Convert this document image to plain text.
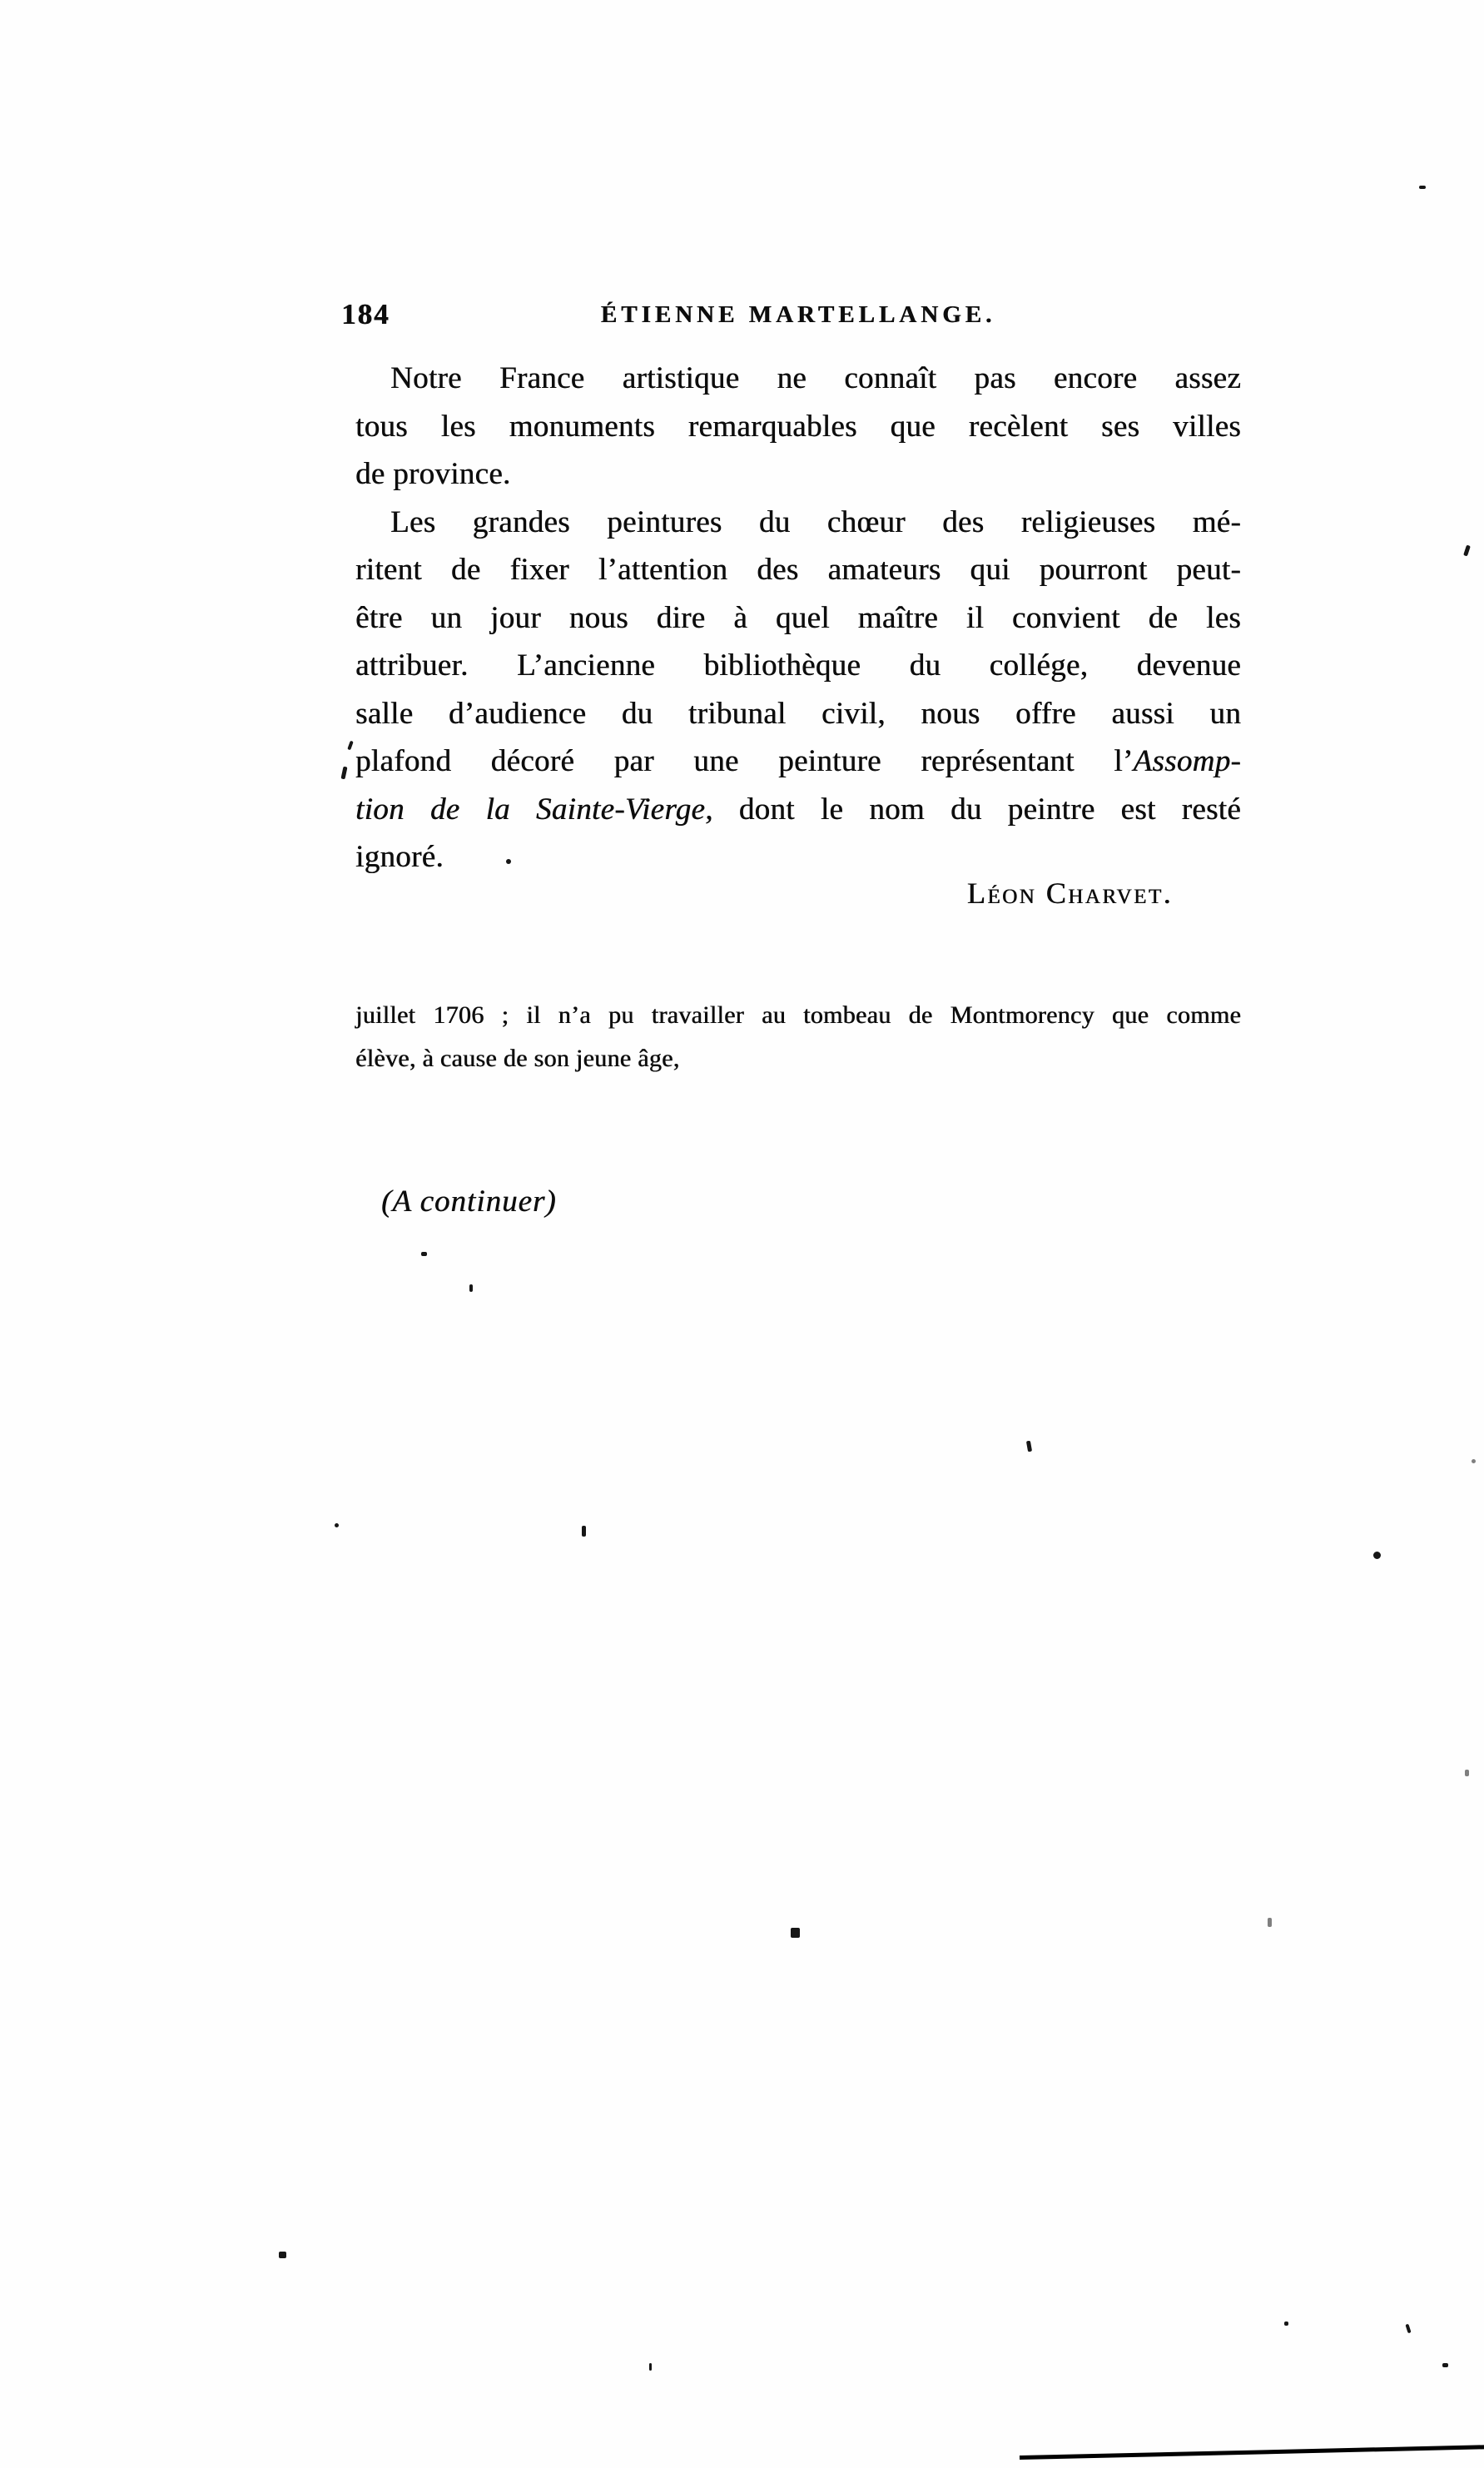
184	ÉTIENNE MARTELLANGE.
Notre France artistique ne connaît pas encore assez
tous les monuments remarquables que recèlent ses villes
de province.
Les grandes peintures du chœur des religieuses mé-
ritent de fixer l’attention des amateurs qui pourront peut-
être un jour nous dire à quel maître il convient de les
attribuer. L’ancienne bibliothèque du collége, devenue
salle d’audience du tribunal civil, nous offre aussi un
plafond décoré par une peinture représentant l’Assomp-
tion de la Sainte-Vierge, dont le nom du peintre est resté
ignoré.
Léon Charvet.
juillet 1706 ; il n’a pu travailler au tombeau de Montmorency que comme
élève, à cause de son jeune âge,
(A continuer)
